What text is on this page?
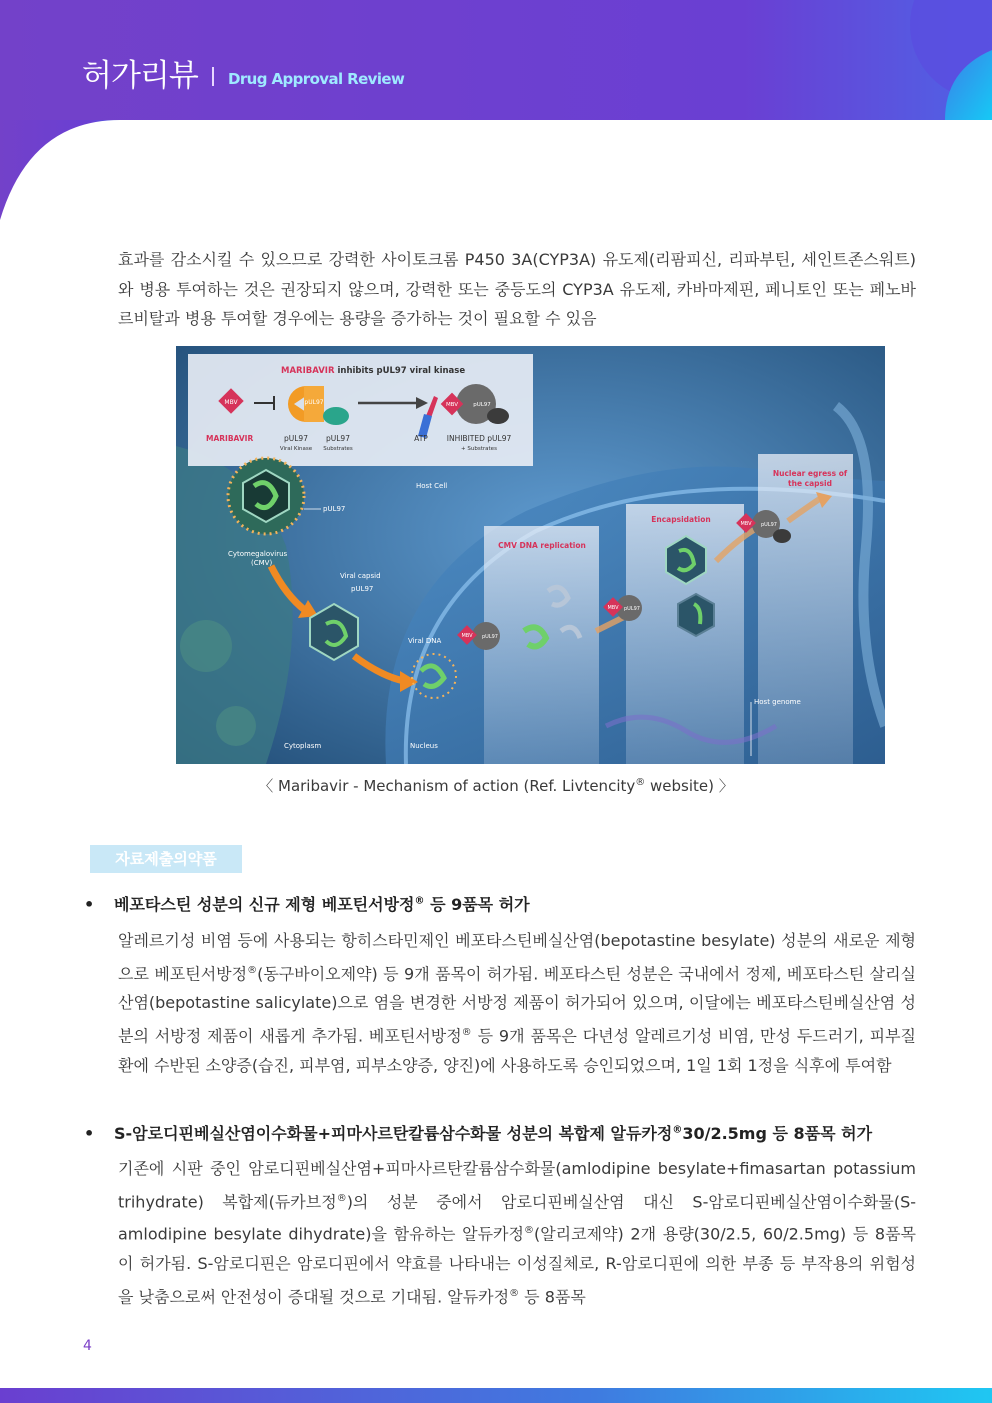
허가리뷰 Drug Approval Review
효과를 감소시킬 수 있으므로 강력한 사이토크롬 P450 3A(CYP3A) 유도제(리팜피신, 리파부틴, 세인트존스워트)와 병용 투여하는 것은 권장되지 않으며, 강력한 또는 중등도의 CYP3A 유도제, 카바마제핀, 페니토인 또는 페노바르비탈과 병용 투여할 경우에는 용량을 증가하는 것이 필요할 수 있음
MARIBAVIR inhibits pUL97 viral kinase
MBV	pUL97	MBV	pUL97
MARIBAVIR	pUL97
Viral Kinase
pUL97
Substrates
ATP	INHIBITED pUL97
+ Substrates
Host Cell
pUL97
Cytomegalovirus
(CMV)
Viral capsid
pUL97
Viral DNA
CMV DNA replication
Encapsidation
Nuclear egress of
the capsid
MBV pUL97
MBV pUL97
MBV pUL97
Host genome
Cytoplasm	Nucleus
〈 Maribavir - Mechanism of action (Ref. Livtencity® website) 〉
자료제출의약품
• 베포타스틴 성분의 신규 제형 베포틴서방정® 등 9품목 허가
알레르기성 비염 등에 사용되는 항히스타민제인 베포타스틴베실산염(bepotastine besylate) 성분의 새로운 제형으로 베포틴서방정®(동구바이오제약) 등 9개 품목이 허가됨. 베포타스틴 성분은 국내에서 정제, 베포타스틴 살리실산염(bepotastine salicylate)으로 염을 변경한 서방정 제품이 허가되어 있으며, 이달에는 베포타스틴베실산염 성분의 서방정 제품이 새롭게 추가됨. 베포틴서방정® 등 9개 품목은 다년성 알레르기성 비염, 만성 두드러기, 피부질환에 수반된 소양증(습진, 피부염, 피부소양증, 양진)에 사용하도록 승인되었으며, 1일 1회 1정을 식후에 투여함
• S-암로디핀베실산염이수화물+피마사르탄칼륨삼수화물 성분의 복합제 알듀카정®30/2.5mg 등 8품목 허가
기존에 시판 중인 암로디핀베실산염+피마사르탄칼륨삼수화물(amlodipine besylate+fimasartan potassium trihydrate) 복합제(듀카브정®)의 성분 중에서 암로디핀베실산염 대신 S-암로디핀베실산염이수화물(S-amlodipine besylate dihydrate)을 함유하는 알듀카정®(알리코제약) 2개 용량(30/2.5, 60/2.5mg) 등 8품목이 허가됨. S-암로디핀은 암로디핀에서 약효를 나타내는 이성질체로, R-암로디핀에 의한 부종 등 부작용의 위험성을 낮춤으로써 안전성이 증대될 것으로 기대됨. 알듀카정® 등 8품목
4
